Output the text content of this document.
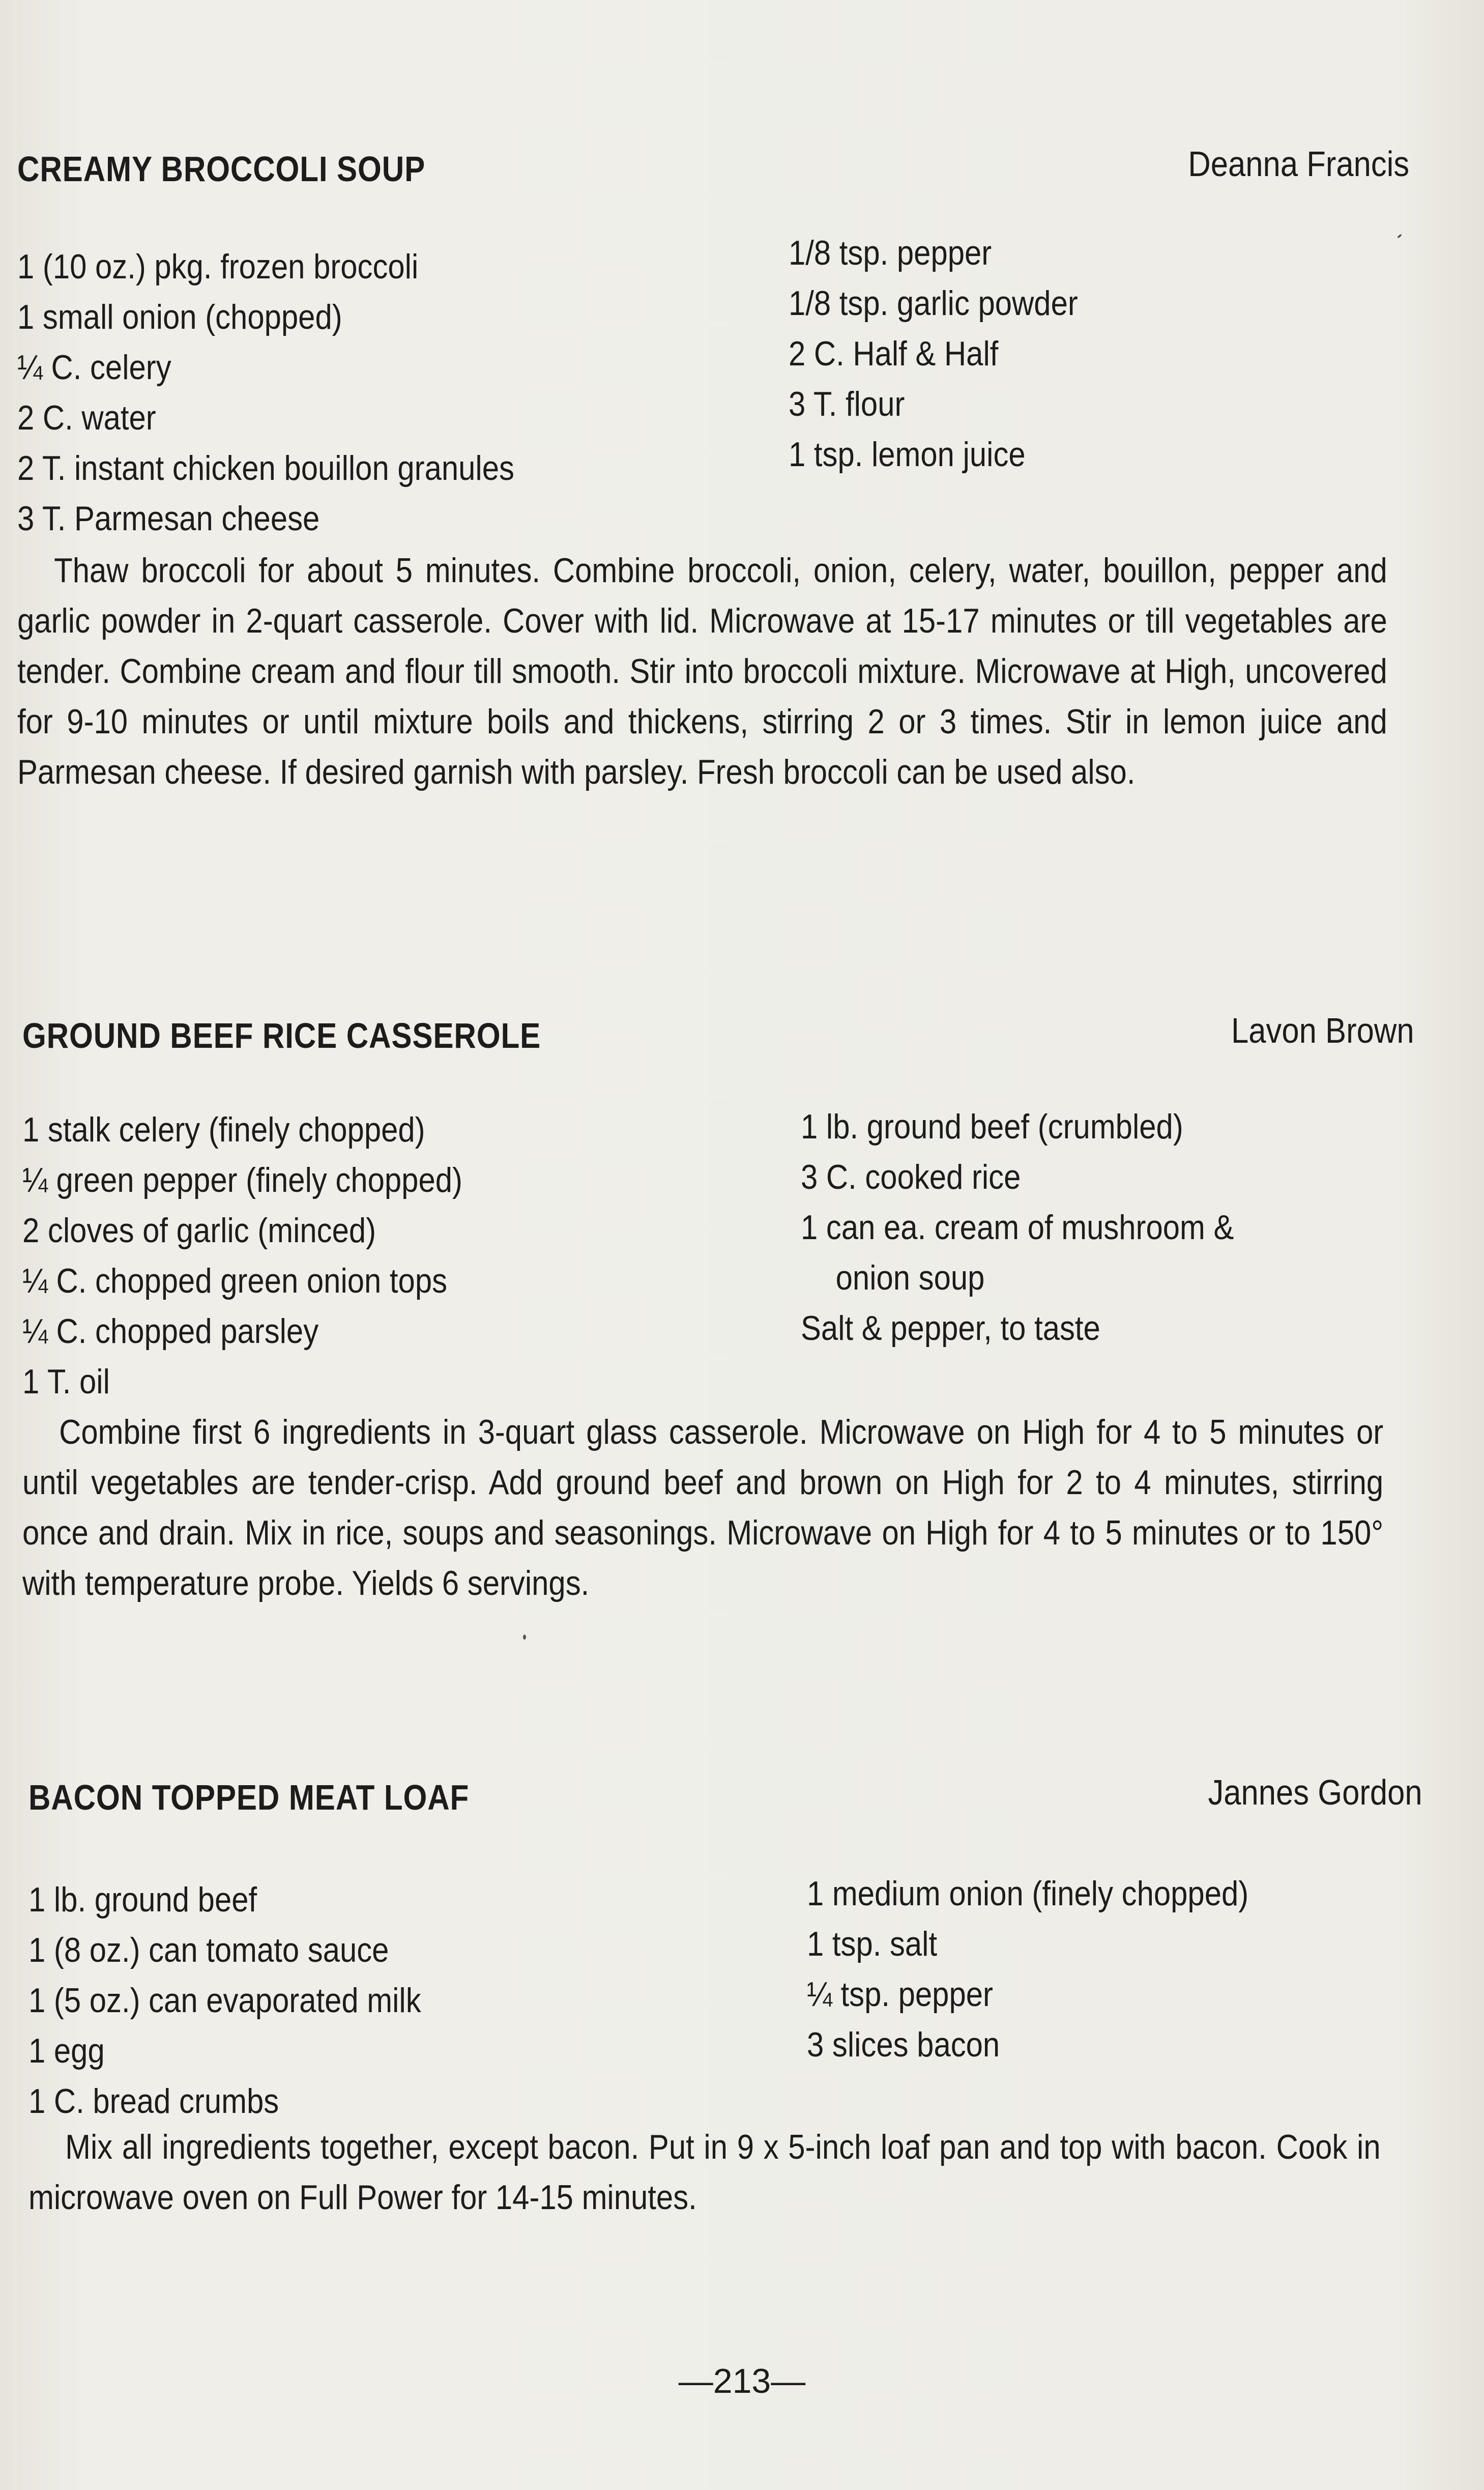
CREAMY BROCCOLI SOUP	Deanna Francis
1 (10 oz.) pkg. frozen broccoli
1 small onion (chopped)
¼ C. celery
2 C. water
2 T. instant chicken bouillon granules
3 T. Parmesan cheese
1/8 tsp. pepper
1/8 tsp. garlic powder
2 C. Half & Half
3 T. flour
1 tsp. lemon juice
Thaw broccoli for about 5 minutes. Combine broccoli, onion, celery, water, bouillon, pepper and garlic powder in 2-quart casserole. Cover with lid. Microwave at 15-17 minutes or till vegetables are tender. Combine cream and flour till smooth. Stir into broccoli mixture. Microwave at High, uncovered for 9-10 minutes or until mixture boils and thickens, stirring 2 or 3 times. Stir in lemon juice and Parmesan cheese. If desired garnish with parsley. Fresh broccoli can be used also.
GROUND BEEF RICE CASSEROLE	Lavon Brown
1 stalk celery (finely chopped)
¼ green pepper (finely chopped)
2 cloves of garlic (minced)
¼ C. chopped green onion tops
¼ C. chopped parsley
1 T. oil
1 lb. ground beef (crumbled)
3 C. cooked rice
1 can ea. cream of mushroom &
onion soup
Salt & pepper, to taste
Combine first 6 ingredients in 3-quart glass casserole. Microwave on High for 4 to 5 minutes or until vegetables are tender-crisp. Add ground beef and brown on High for 2 to 4 minutes, stirring once and drain. Mix in rice, soups and seasonings. Microwave on High for 4 to 5 minutes or to 150° with temperature probe. Yields 6 servings.
BACON TOPPED MEAT LOAF	Jannes Gordon
1 lb. ground beef
1 (8 oz.) can tomato sauce
1 (5 oz.) can evaporated milk
1 egg
1 C. bread crumbs
1 medium onion (finely chopped)
1 tsp. salt
¼ tsp. pepper
3 slices bacon
Mix all ingredients together, except bacon. Put in 9 x 5-inch loaf pan and top with bacon. Cook in microwave oven on Full Power for 14-15 minutes.
—213—
